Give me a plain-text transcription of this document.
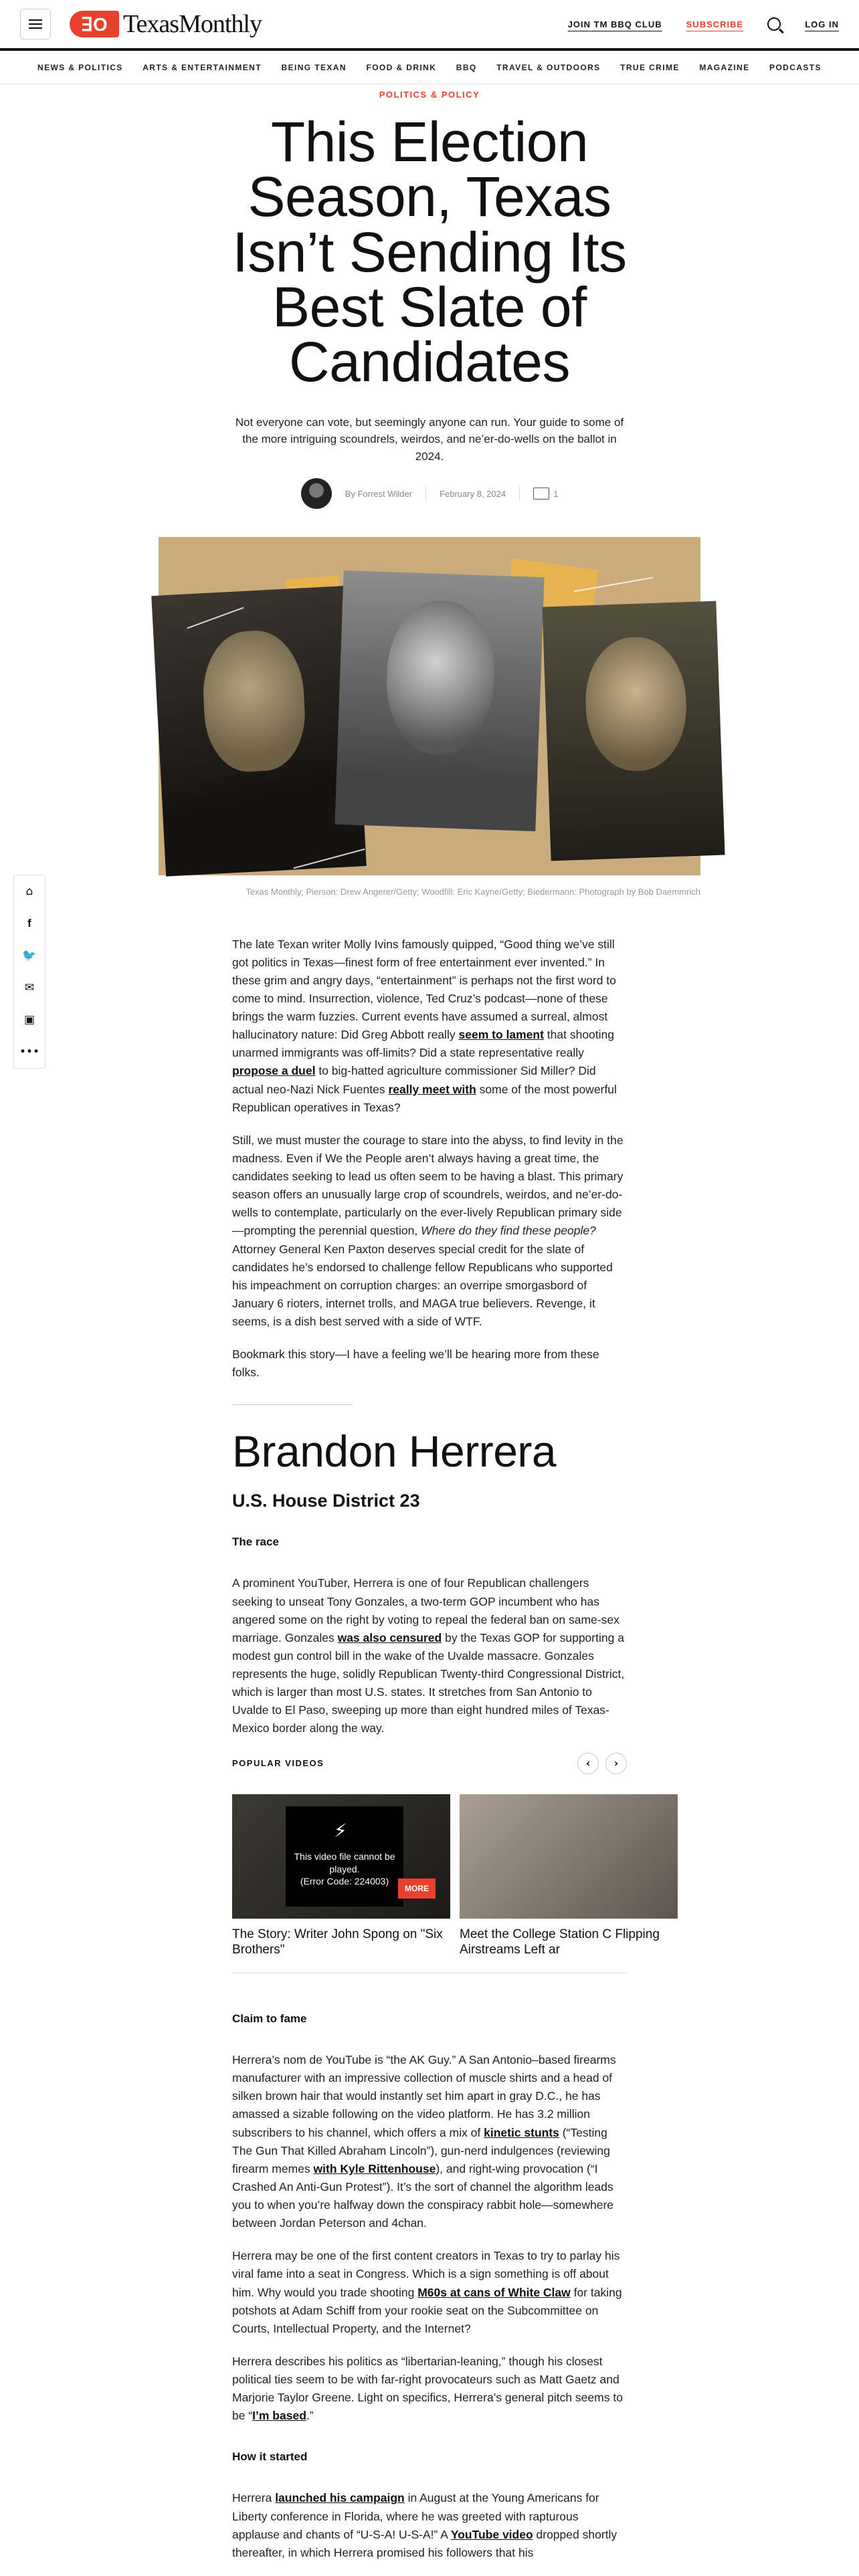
ꓱO TexasMonthly	JOIN TM BBQ CLUB	SUBSCRIBE	LOG IN
NEWS & POLITICS ARTS & ENTERTAINMENT BEING TEXAN FOOD & DRINK BBQ TRAVEL & OUTDOORS TRUE CRIME MAGAZINE PODCASTS
POLITICS & POLICY
This Election Season, Texas Isn’t Sending Its Best Slate of Candidates

Not everyone can vote, but seemingly anyone can run. Your guide to some of the more intriguing scoundrels, weirdos, and ne’er-do-wells on the ballot in 2024.

By Forrest Wilder	February 8, 2024	1
Texas Monthly; Pierson: Drew Angerer/Getty; Woodfill: Eric Kayne/Getty; Biedermann: Photograph by Bob Daemmrich
⌂
f
🐦
✉
▣
•••

The late Texan writer Molly Ivins famously quipped, “Good thing we’ve still got politics in Texas—finest form of free entertainment ever invented.” In these grim and angry days, “entertainment” is perhaps not the first word to come to mind. Insurrection, violence, Ted Cruz’s podcast—none of these brings the warm fuzzies. Current events have assumed a surreal, almost hallucinatory nature: Did Greg Abbott really seem to lament that shooting unarmed immigrants was off-limits? Did a state representative really propose a duel to big-hatted agriculture commissioner Sid Miller? Did actual neo-Nazi Nick Fuentes really meet with some of the most powerful Republican operatives in Texas?

Still, we must muster the courage to stare into the abyss, to find levity in the madness. Even if We the People aren’t always having a great time, the candidates seeking to lead us often seem to be having a blast. This primary season offers an unusually large crop of scoundrels, weirdos, and ne’er-do-wells to contemplate, particularly on the ever-lively Republican primary side—prompting the perennial question, Where do they find these people? Attorney General Ken Paxton deserves special credit for the slate of candidates he’s endorsed to challenge fellow Republicans who supported his impeachment on corruption charges: an overripe smorgasbord of January 6 rioters, internet trolls, and MAGA true believers. Revenge, it seems, is a dish best served with a side of WTF.

Bookmark this story—I have a feeling we’ll be hearing more from these folks.

Brandon Herrera
U.S. House District 23
The race

A prominent YouTuber, Herrera is one of four Republican challengers seeking to unseat Tony Gonzales, a two-term GOP incumbent who has angered some on the right by voting to repeal the federal ban on same-sex marriage. Gonzales was also censured by the Texas GOP for supporting a modest gun control bill in the wake of the Uvalde massacre. Gonzales represents the huge, solidly Republican Twenty-third Congressional District, which is larger than most U.S. states. It stretches from San Antonio to Uvalde to El Paso, sweeping up more than eight hundred miles of Texas-Mexico border along the way.

POPULAR VIDEOS	‹	›
⚡
This video file cannot be played.
(Error Code: 224003)
MORE
The Story: Writer John Spong on "Six Brothers"
Meet the College Station C Flipping Airstreams Left ar
Claim to fame

Herrera’s nom de YouTube is “the AK Guy.” A San Antonio–based firearms manufacturer with an impressive collection of muscle shirts and a head of silken brown hair that would instantly set him apart in gray D.C., he has amassed a sizable following on the video platform. He has 3.2 million subscribers to his channel, which offers a mix of kinetic stunts (“Testing The Gun That Killed Abraham Lincoln”), gun-nerd indulgences (reviewing firearm memes with Kyle Rittenhouse), and right-wing provocation (“I Crashed An Anti-Gun Protest”). It’s the sort of channel the algorithm leads you to when you’re halfway down the conspiracy rabbit hole—somewhere between Jordan Peterson and 4chan.

Herrera may be one of the first content creators in Texas to try to parlay his viral fame into a seat in Congress. Which is a sign something is off about him. Why would you trade shooting M60s at cans of White Claw for taking potshots at Adam Schiff from your rookie seat on the Subcommittee on Courts, Intellectual Property, and the Internet?

Herrera describes his politics as “libertarian-leaning,” though his closest political ties seem to be with far-right provocateurs such as Matt Gaetz and Marjorie Taylor Greene. Light on specifics, Herrera’s general pitch seems to be “I’m based.”

How it started

Herrera launched his campaign in August at the Young Americans for Liberty conference in Florida, where he was greeted with rapturous applause and chants of “U-S-A! U-S-A!” A YouTube video dropped shortly thereafter, in which Herrera promised his followers that his
